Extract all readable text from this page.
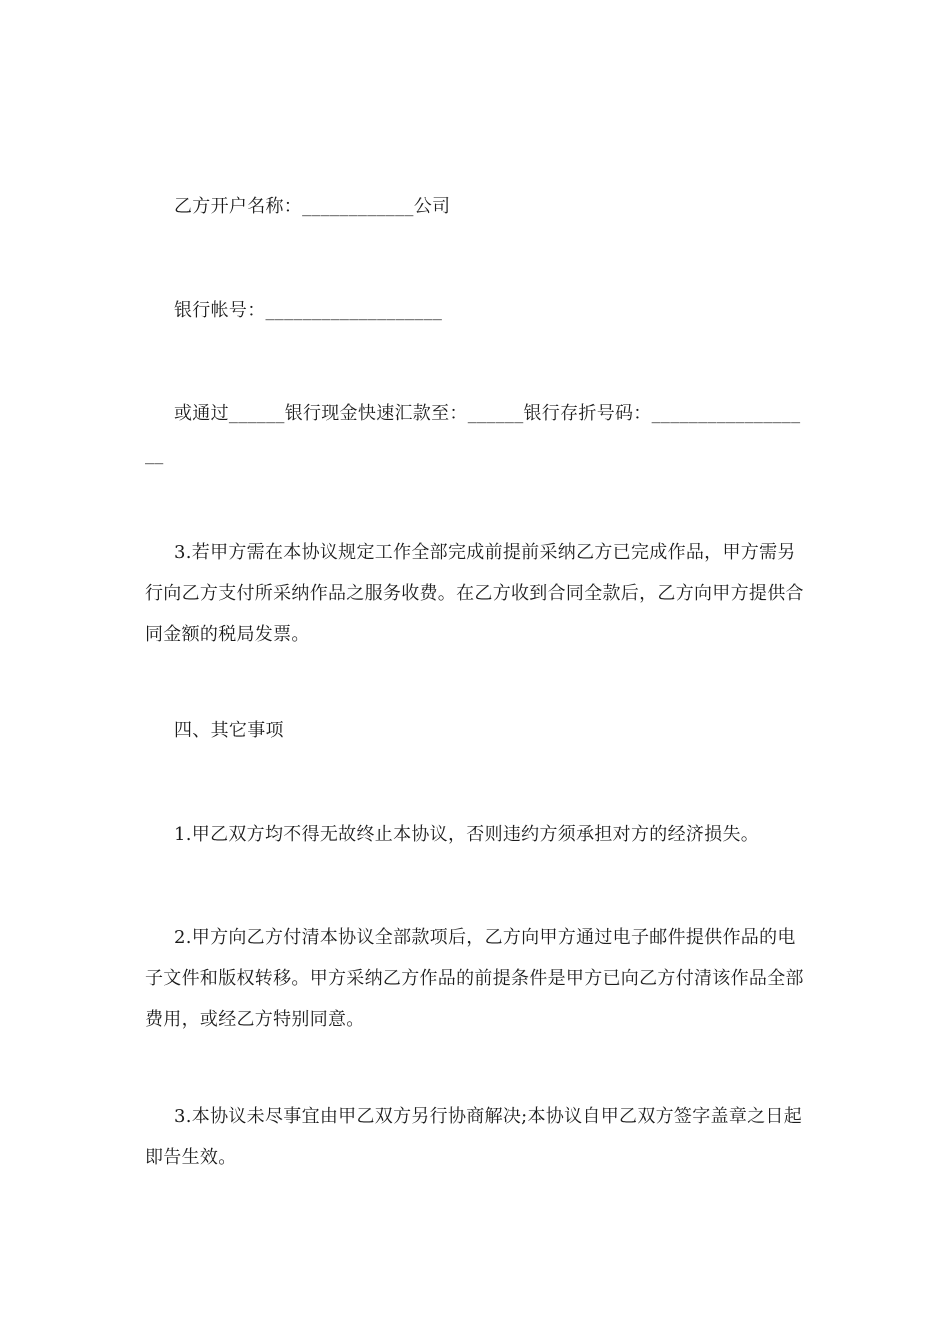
乙方开户名称：____________公司

银行帐号：___________________

或通过______银行现金快速汇款至：______银行存折号码：__________________

3.若甲方需在本协议规定工作全部完成前提前采纳乙方已完成作品，甲方需另行向乙方支付所采纳作品之服务收费。在乙方收到合同全款后，乙方向甲方提供合同金额的税局发票。

四、其它事项

1.甲乙双方均不得无故终止本协议，否则违约方须承担对方的经济损失。

2.甲方向乙方付清本协议全部款项后，乙方向甲方通过电子邮件提供作品的电子文件和版权转移。甲方采纳乙方作品的前提条件是甲方已向乙方付清该作品全部费用，或经乙方特别同意。

3.本协议未尽事宜由甲乙双方另行协商解决;本协议自甲乙双方签字盖章之日起即告生效。
